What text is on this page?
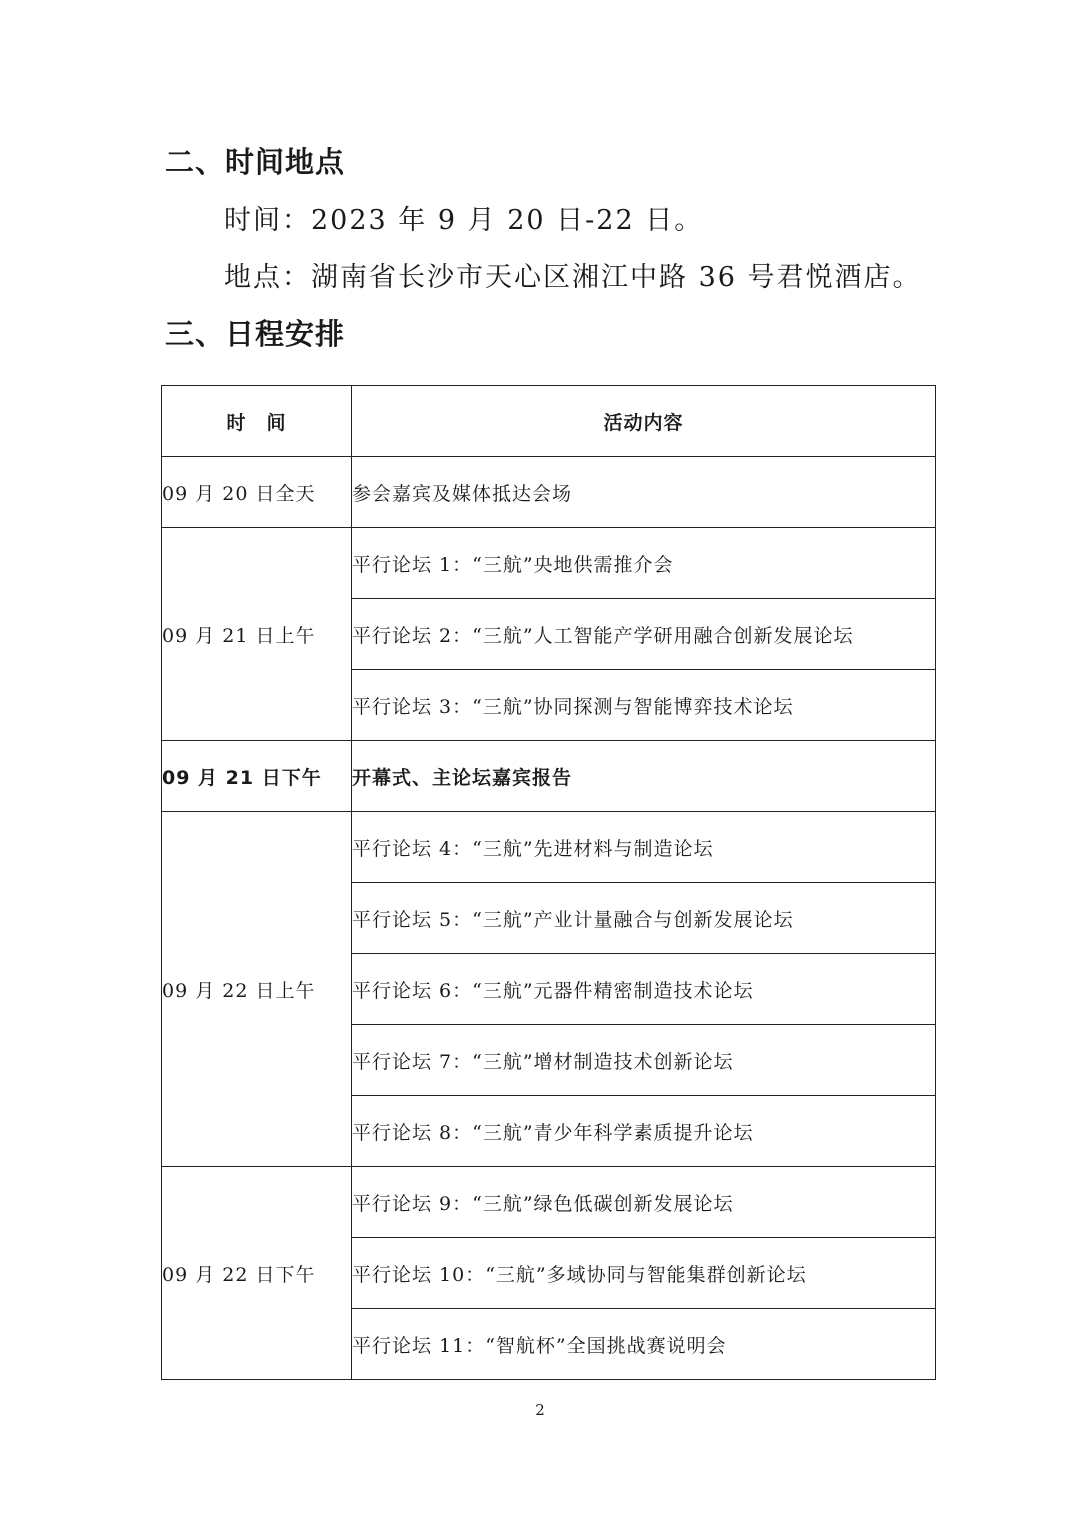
二、时间地点
时间：2023 年 9 月 20 日-22 日。
地点：湖南省长沙市天心区湘江中路 36 号君悦酒店。
三、日程安排
时　间	活动内容
09 月 20 日全天	参会嘉宾及媒体抵达会场
09 月 21 日上午	平行论坛 1：“三航”央地供需推介会
	平行论坛 2：“三航”人工智能产学研用融合创新发展论坛
	平行论坛 3：“三航”协同探测与智能博弈技术论坛
09 月 21 日下午	开幕式、主论坛嘉宾报告
09 月 22 日上午	平行论坛 4：“三航”先进材料与制造论坛
	平行论坛 5：“三航”产业计量融合与创新发展论坛
	平行论坛 6：“三航”元器件精密制造技术论坛
	平行论坛 7：“三航”增材制造技术创新论坛
	平行论坛 8：“三航”青少年科学素质提升论坛
09 月 22 日下午	平行论坛 9：“三航”绿色低碳创新发展论坛
	平行论坛 10：“三航”多域协同与智能集群创新论坛
	平行论坛 11：“智航杯”全国挑战赛说明会
2
